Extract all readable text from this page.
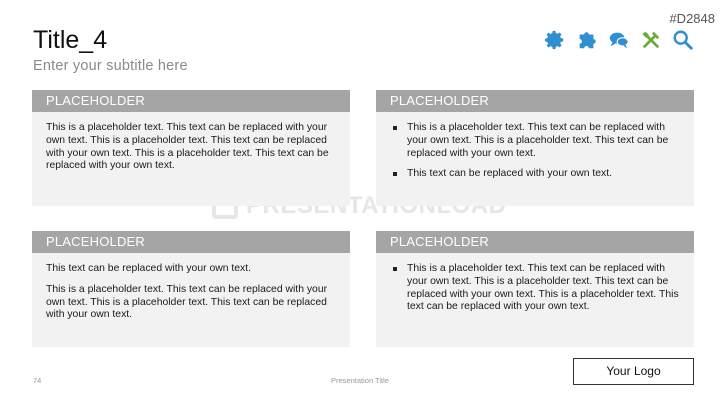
#D2848
Title_4
Enter your subtitle here
PLACEHOLDER

This is a placeholder text. This text can be replaced with your own text. This is a placeholder text. This text can be replaced with your own text. This is a placeholder text. This text can be replaced with your own text.

PLACEHOLDER
This is a placeholder text. This text can be replaced with your own text. This is a placeholder text. This text can be replaced with your own text.
This text can be replaced with your own text.
PLACEHOLDER

This text can be replaced with your own text.

This is a placeholder text. This text can be replaced with your own text. This is a placeholder text. This text can be replaced with your own text.

PLACEHOLDER
This is a placeholder text. This text can be replaced with your own text. This is a placeholder text. This text can be replaced with your own text. This is a placeholder text. This text can be replaced with your own text.
74	Presentation Title
Your Logo
